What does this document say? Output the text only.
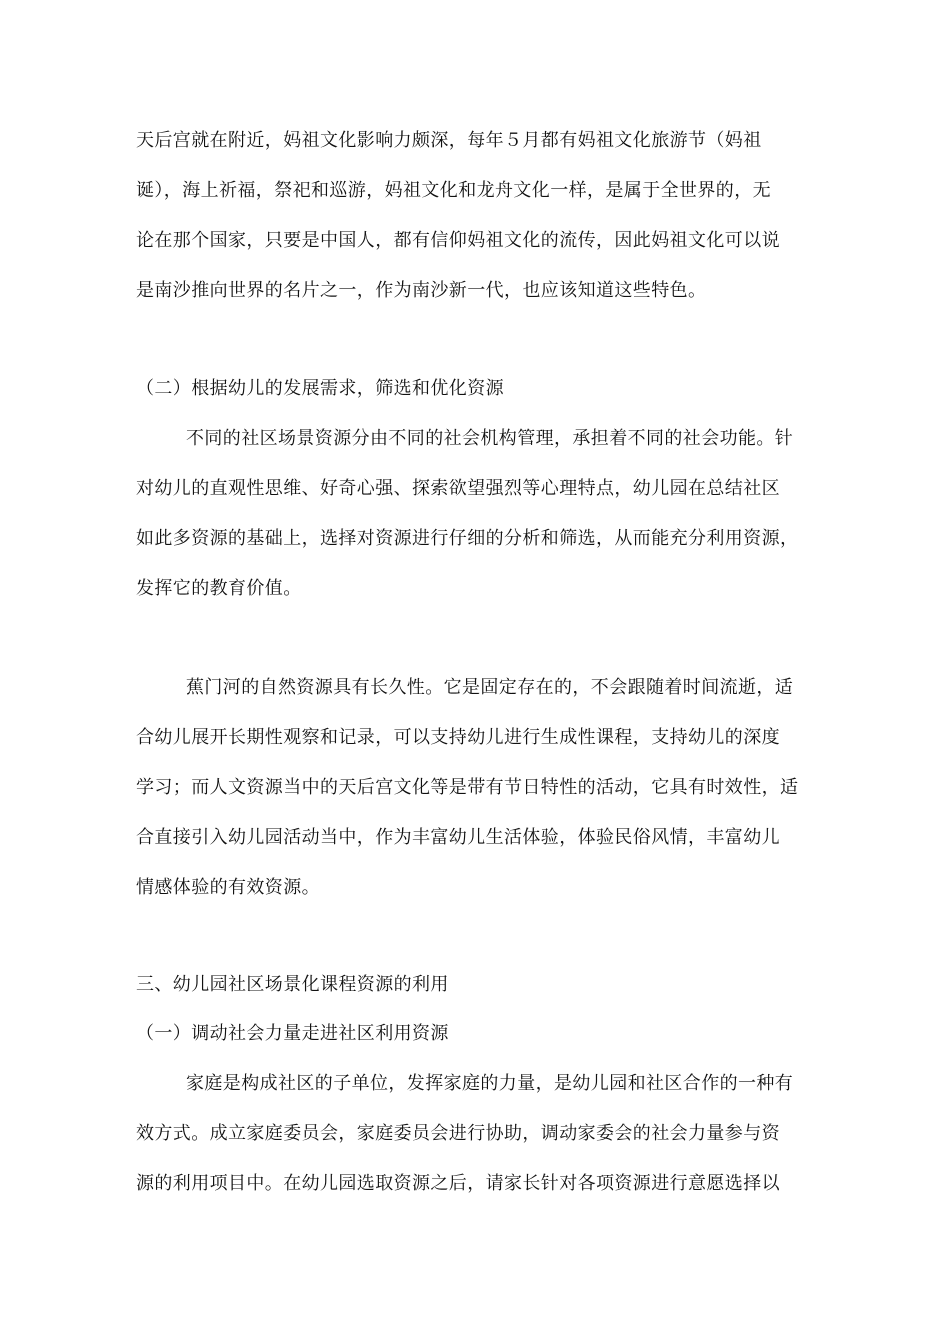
天后宫就在附近，妈祖文化影响力颇深，每年５月都有妈祖文化旅游节（妈祖
诞），海上祈福，祭祀和巡游，妈祖文化和龙舟文化一样，是属于全世界的，无
论在那个国家，只要是中国人，都有信仰妈祖文化的流传，因此妈祖文化可以说
是南沙推向世界的名片之一，作为南沙新一代，也应该知道这些特色。
（二）根据幼儿的发展需求，筛选和优化资源
不同的社区场景资源分由不同的社会机构管理，承担着不同的社会功能。针
对幼儿的直观性思维、好奇心强、探索欲望强烈等心理特点，幼儿园在总结社区
如此多资源的基础上，选择对资源进行仔细的分析和筛选，从而能充分利用资源，
发挥它的教育价值。
蕉门河的自然资源具有长久性。它是固定存在的，不会跟随着时间流逝，适
合幼儿展开长期性观察和记录，可以支持幼儿进行生成性课程，支持幼儿的深度
学习；而人文资源当中的天后宫文化等是带有节日特性的活动，它具有时效性，适
合直接引入幼儿园活动当中，作为丰富幼儿生活体验，体验民俗风情，丰富幼儿
情感体验的有效资源。
三、幼儿园社区场景化课程资源的利用
（一）调动社会力量走进社区利用资源
家庭是构成社区的子单位，发挥家庭的力量，是幼儿园和社区合作的一种有
效方式。成立家庭委员会，家庭委员会进行协助，调动家委会的社会力量参与资
源的利用项目中。在幼儿园选取资源之后，请家长针对各项资源进行意愿选择以
